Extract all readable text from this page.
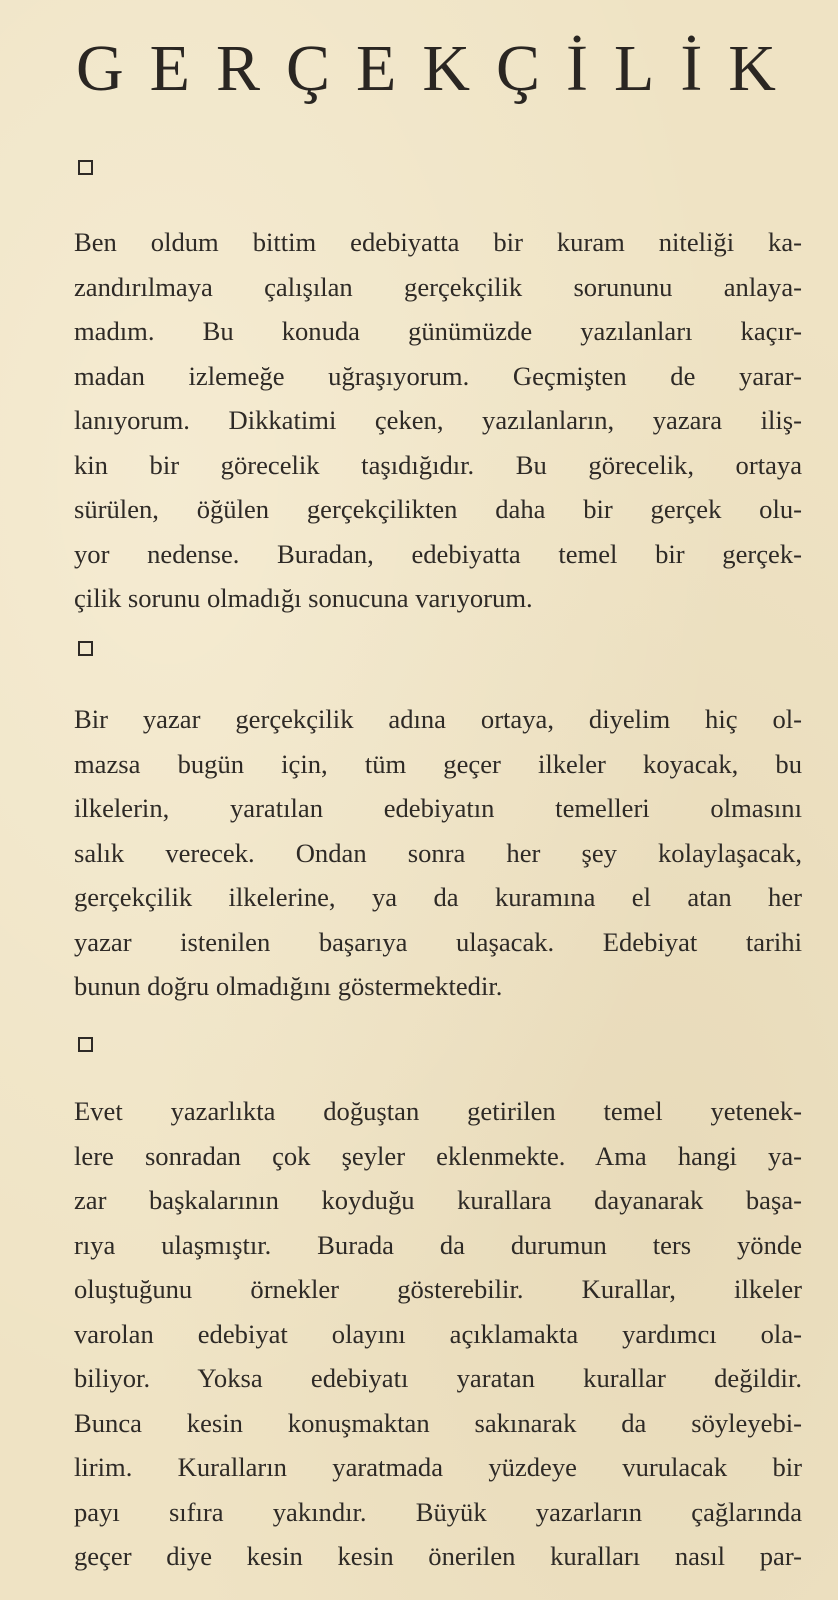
GERÇEKÇİLİK
Ben oldum bittim edebiyatta bir kuram niteliği ka-
zandırılmaya çalışılan gerçekçilik sorununu anlaya-
madım. Bu konuda günümüzde yazılanları kaçır-
madan izlemeğe uğraşıyorum. Geçmişten de yarar-
lanıyorum. Dikkatimi çeken, yazılanların, yazara iliş-
kin bir görecelik taşıdığıdır. Bu görecelik, ortaya
sürülen, öğülen gerçekçilikten daha bir gerçek olu-
yor nedense. Buradan, edebiyatta temel bir gerçek-
çilik sorunu olmadığı sonucuna varıyorum.
Bir yazar gerçekçilik adına ortaya, diyelim hiç ol-
mazsa bugün için, tüm geçer ilkeler koyacak, bu
ilkelerin, yaratılan edebiyatın temelleri olmasını
salık verecek. Ondan sonra her şey kolaylaşacak,
gerçekçilik ilkelerine, ya da kuramına el atan her
yazar istenilen başarıya ulaşacak. Edebiyat tarihi
bunun doğru olmadığını göstermektedir.
Evet yazarlıkta doğuştan getirilen temel yetenek-
lere sonradan çok şeyler eklenmekte. Ama hangi ya-
zar başkalarının koyduğu kurallara dayanarak başa-
rıya ulaşmıştır. Burada da durumun ters yönde
oluştuğunu örnekler gösterebilir. Kurallar, ilkeler
varolan edebiyat olayını açıklamakta yardımcı ola-
biliyor. Yoksa edebiyatı yaratan kurallar değildir.
Bunca kesin konuşmaktan sakınarak da söyleyebi-
lirim. Kuralların yaratmada yüzdeye vurulacak bir
payı sıfıra yakındır. Büyük yazarların çağlarında
geçer diye kesin kesin önerilen kuralları nasıl par-
